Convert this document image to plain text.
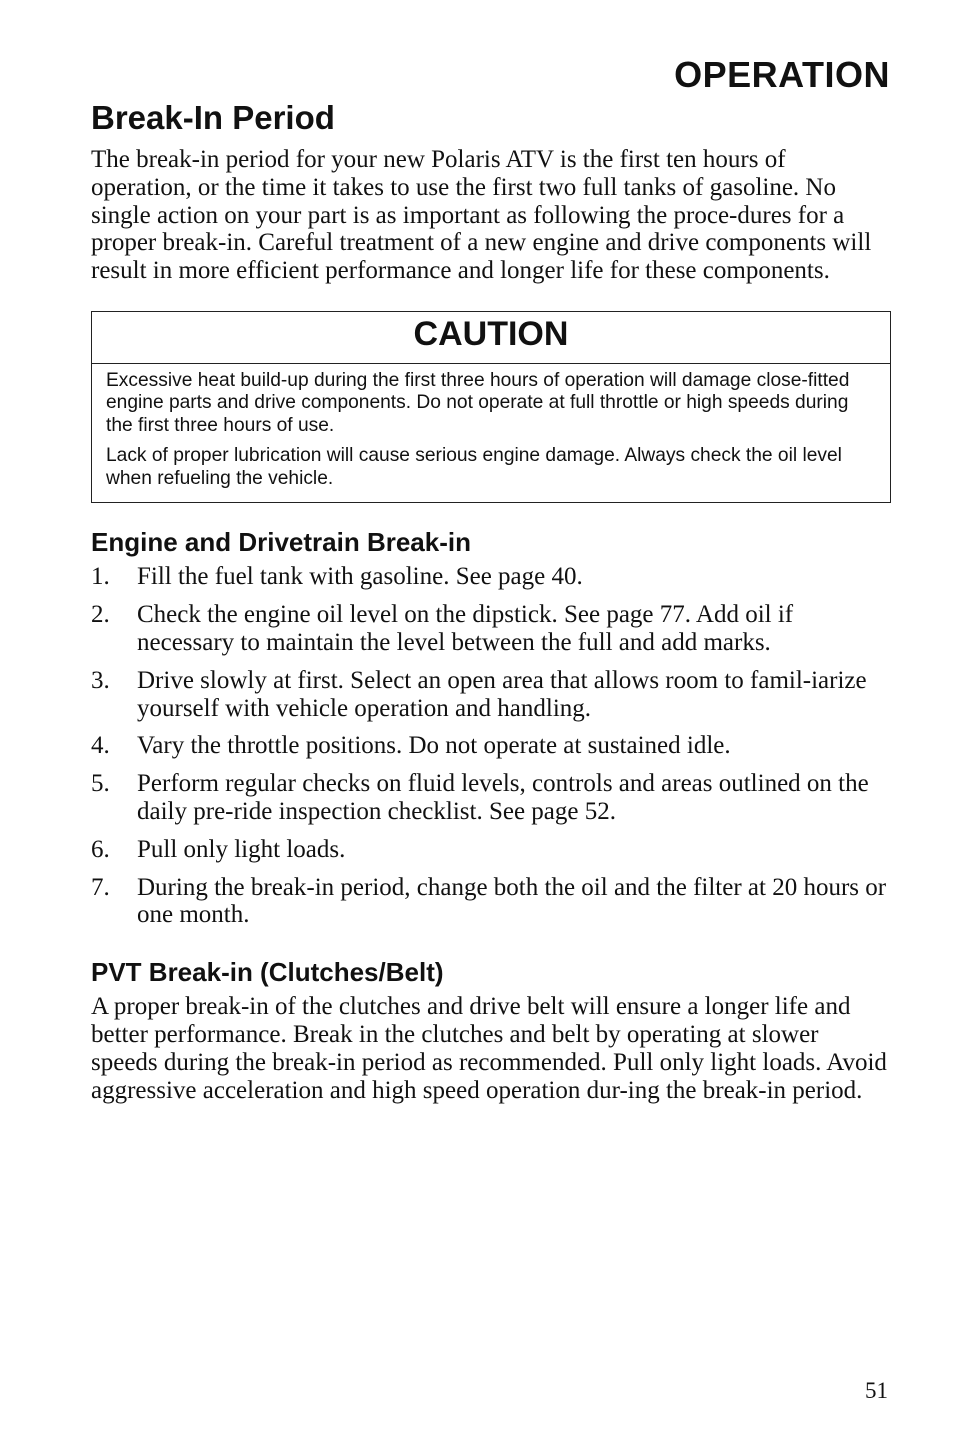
OPERATION
Break-In Period

The break-in period for your new Polaris ATV is the first ten hours of operation, or the time it takes to use the first two full tanks of gasoline. No single action on your part is as important as following the proce-dures for a proper break-in. Careful treatment of a new engine and drive components will result in more efficient performance and longer life for these components.

CAUTION

Excessive heat build-up during the first three hours of operation will damage close-fitted engine parts and drive components. Do not operate at full throttle or high speeds during the first three hours of use.

Lack of proper lubrication will cause serious engine damage. Always check the oil level when refueling the vehicle.

Engine and Drivetrain Break-in
1. Fill the fuel tank with gasoline. See page 40.
2. Check the engine oil level on the dipstick. See page 77. Add oil if necessary to maintain the level between the full and add marks.
3. Drive slowly at first. Select an open area that allows room to famil-iarize yourself with vehicle operation and handling.
4. Vary the throttle positions. Do not operate at sustained idle.
5. Perform regular checks on fluid levels, controls and areas outlined on the daily pre-ride inspection checklist. See page 52.
6. Pull only light loads.
7. During the break-in period, change both the oil and the filter at 20 hours or one month.
PVT Break-in (Clutches/Belt)

A proper break-in of the clutches and drive belt will ensure a longer life and better performance. Break in the clutches and belt by operating at slower speeds during the break-in period as recommended. Pull only light loads. Avoid aggressive acceleration and high speed operation dur-ing the break-in period.

51
